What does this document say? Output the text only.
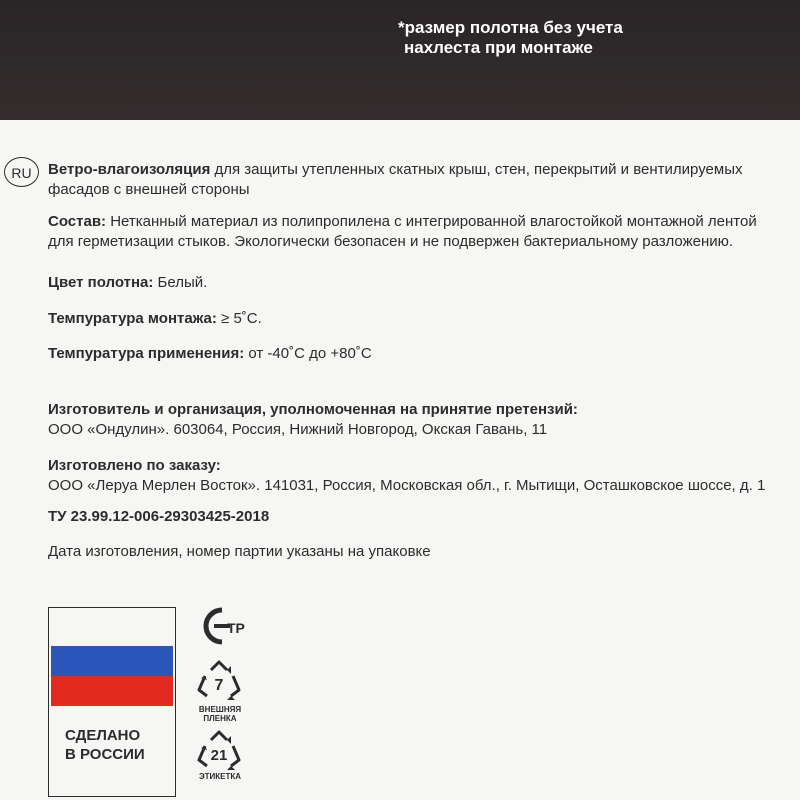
*размер полотна без учета
нахлеста при монтаже
RU	Ветро-влагоизоляция для защиты утепленных скатных крыш, стен, перекрытий и вентилируемых
фасадов с внешней стороны

Состав: Нетканный материал из полипропилена с интегрированной влагостойкой монтажной лентой
для герметизации стыков. Экологически безопасен и не подвержен бактериальному разложению.

Цвет полотна: Белый.

Темпуратура монтажа: ≥ 5˚С.

Темпуратура применения: от -40˚С до +80˚С

Изготовитель и организация, уполномоченная на принятие претензий:
ООО «Ондулин». 603064, Россия, Нижний Новгород, Окская Гавань, 11

Изготовлено по заказу:
ООО «Леруа Мерлен Восток». 141031, Россия, Московская обл., г. Мытищи, Осташковское шоссе, д. 1

ТУ 23.99.12-006-29303425-2018

Дата изготовления, номер партии указаны на упаковке

СДЕЛАНО
В РОССИИ
ТР
7
ВНЕШНЯЯ
ПЛЕНКА
21
ЭТИКЕТКА
